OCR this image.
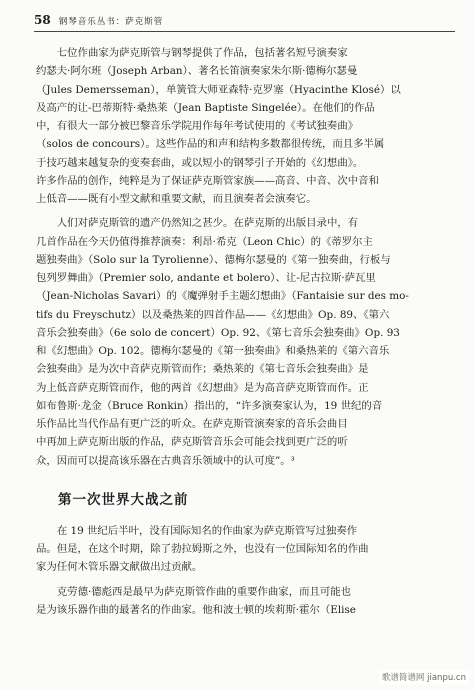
58 钢琴音乐丛书：萨克斯管

七位作曲家为萨克斯管与钢琴提供了作品，包括著名短号演奏家

约瑟夫·阿尔班（Joseph Arban）、著名长笛演奏家朱尔斯·德梅尔瑟曼

（Jules Demersseman），单簧管大师亚森特·克罗塞（Hyacinthe Klosé）以

及高产的让-巴蒂斯特·桑热莱（Jean Baptiste Singelée）。在他们的作品

中，有很大一部分被巴黎音乐学院用作每年考试使用的《考试独奏曲》

（solos de concours）。这些作品的和声和结构多数都很传统，而且多半属

于技巧越来越复杂的变奏套曲，或以短小的钢琴引子开始的《幻想曲》。

许多作品的创作，纯粹是为了保证萨克斯管家族——高音、中音、次中音和

上低音——既有小型文献和重要文献，而且演奏者会演奏它。

人们对萨克斯管的遗产仍然知之甚少。在萨克斯的出版目录中，有

几首作品在今天仍值得推荐演奏：利昂·希克（Leon Chic）的《蒂罗尔主

题独奏曲》（Solo sur la Tyrolienne）、德梅尔瑟曼的《第一独奏曲，行板与

包列罗舞曲》（Premier solo, andante et bolero）、让-尼古拉斯·萨瓦里

（Jean-Nicholas Savari）的《魔弹射手主题幻想曲》（Fantaisie sur des mo-

tifs du Freyschutz）以及桑热莱的四首作品——《幻想曲》Op. 89、《第六

音乐会独奏曲》（6e solo de concert）Op. 92、《第七音乐会独奏曲》Op. 93

和《幻想曲》Op. 102。德梅尔瑟曼的《第一独奏曲》和桑热莱的《第六音乐

会独奏曲》是为次中音萨克斯管而作；桑热莱的《第七音乐会独奏曲》是

为上低音萨克斯管而作，他的两首《幻想曲》是为高音萨克斯管而作。正

如布鲁斯·龙金（Bruce Ronkin）指出的，“许多演奏家认为，19 世纪的音

乐作品比当代作品有更广泛的听众。在萨克斯管演奏家的音乐会曲目

中再加上萨克斯出版的作品，萨克斯管音乐会可能会找到更广泛的听

众，因而可以提高该乐器在古典音乐领域中的认可度”。³

第一次世界大战之前

在 19 世纪后半叶，没有国际知名的作曲家为萨克斯管写过独奏作

品。但是，在这个时期，除了勃拉姆斯之外，也没有一位国际知名的作曲

家为任何木管乐器文献做出过贡献。

克劳德·德彪西是最早为萨克斯管作曲的重要作曲家，而且可能也

是为该乐器作曲的最著名的作曲家。他和波士顿的埃莉斯·霍尔（Elise

歌谱简谱网 jianpu.cn
